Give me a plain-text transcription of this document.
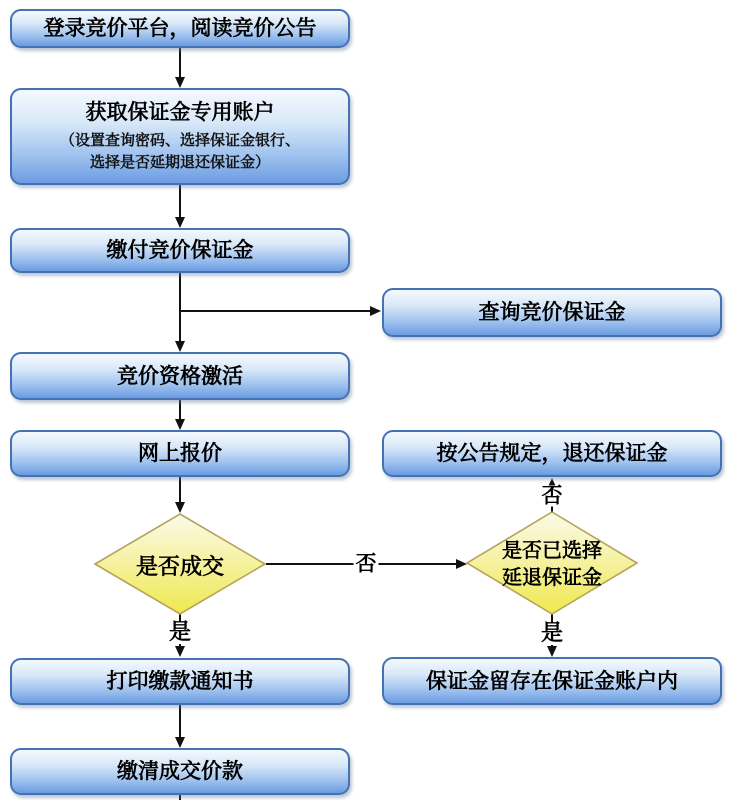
登录竞价平台，阅读竞价公告
获取保证金专用账户
（设置查询密码、选择保证金银行、
选择是否延期退还保证金）
缴付竞价保证金
竞价资格激活
网上报价
打印缴款通知书
缴清成交价款
查询竞价保证金
按公告规定，退还保证金
保证金留存在保证金账户内
是否成交
是否已选择
延退保证金
是
否
否
是
